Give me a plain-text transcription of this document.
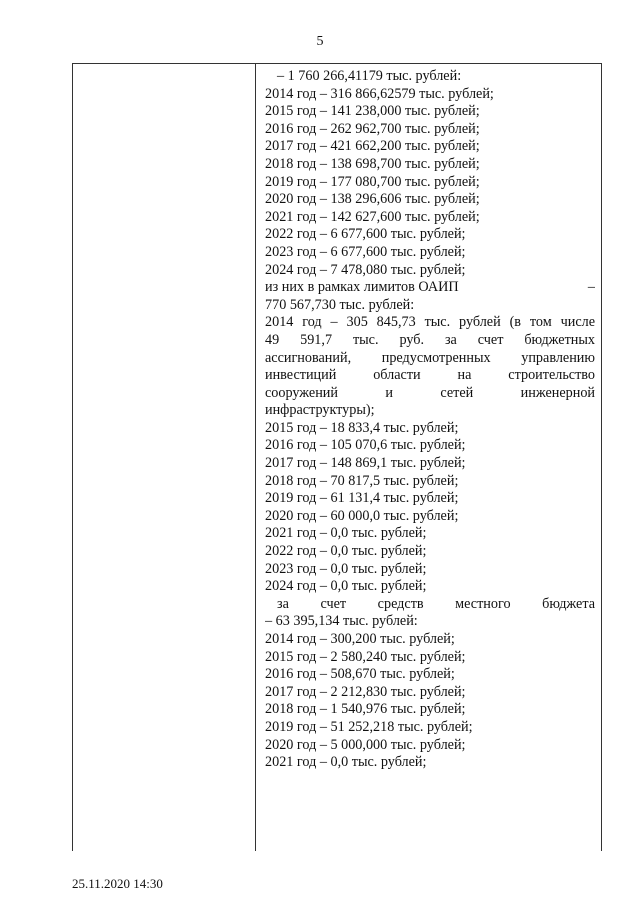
5
– 1 760 266,41179 тыс. рублей:
2014 год – 316 866,62579 тыс. рублей;
2015 год – 141 238,000 тыс. рублей;
2016 год – 262 962,700 тыс. рублей;
2017 год – 421 662,200 тыс. рублей;
2018 год – 138 698,700 тыс. рублей;
2019 год – 177 080,700 тыс. рублей;
2020 год – 138 296,606 тыс. рублей;
2021 год – 142 627,600 тыс. рублей;
2022 год – 6 677,600 тыс. рублей;
2023 год – 6 677,600 тыс. рублей;
2024 год – 7 478,080 тыс. рублей;
из них в рамках лимитов ОАИП	–
770 567,730 тыс. рублей:
2014 год – 305 845,73 тыс. рублей (в том числе
49 591,7 тыс. руб. за счет бюджетных
ассигнований, предусмотренных управлению
инвестиций области на строительство
сооружений и сетей инженерной
инфраструктуры);
2015 год – 18 833,4 тыс. рублей;
2016 год – 105 070,6 тыс. рублей;
2017 год – 148 869,1 тыс. рублей;
2018 год – 70 817,5 тыс. рублей;
2019 год – 61 131,4 тыс. рублей;
2020 год – 60 000,0 тыс. рублей;
2021 год – 0,0 тыс. рублей;
2022 год – 0,0 тыс. рублей;
2023 год – 0,0 тыс. рублей;
2024 год – 0,0 тыс. рублей;
за счет средств местного бюджета
– 63 395,134 тыс. рублей:
2014 год – 300,200 тыс. рублей;
2015 год – 2 580,240 тыс. рублей;
2016 год – 508,670 тыс. рублей;
2017 год – 2 212,830 тыс. рублей;
2018 год – 1 540,976 тыс. рублей;
2019 год – 51 252,218 тыс. рублей;
2020 год – 5 000,000 тыс. рублей;
2021 год – 0,0 тыс. рублей;
25.11.2020 14:30
